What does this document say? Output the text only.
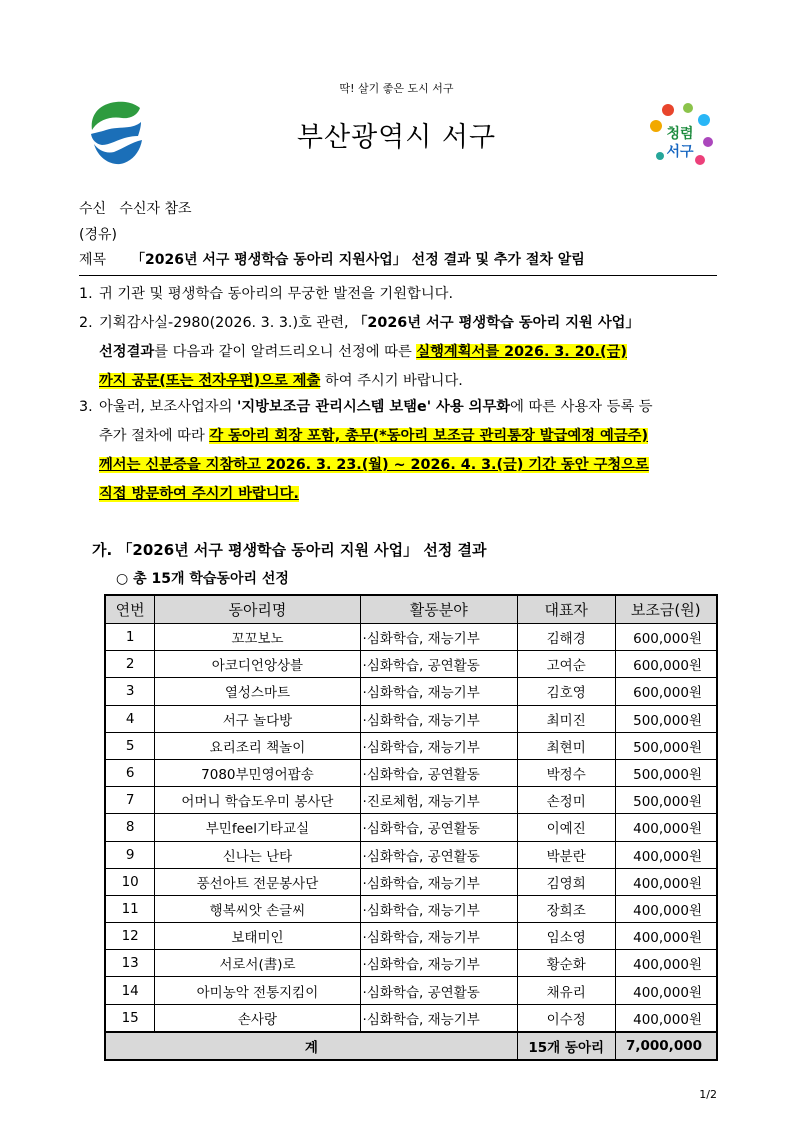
딱! 살기 좋은 도시 서구
부산광역시 서구	청렴
서구
수신 수신자 참조
(경유)
제목 「2026년 서구 평생학습 동아리 지원사업」 선정 결과 및 추가 절차 알림
1. 귀 기관 및 평생학습 동아리의 무궁한 발전을 기원합니다.
2. 기획감사실-2980(2026. 3. 3.)호 관련, 「2026년 서구 평생학습 동아리 지원 사업」
선정결과를 다음과 같이 알려드리오니 선정에 따른 실행계획서를 2026. 3. 20.(금)
까지 공문(또는 전자우편)으로 제출 하여 주시기 바랍니다.
3. 아울러, 보조사업자의 '지방보조금 관리시스템 보탬e' 사용 의무화에 따른 사용자 등록 등
추가 절차에 따라 각 동아리 회장 포함, 총무(*동아리 보조금 관리통장 발급예정 예금주)
께서는 신분증을 지참하고 2026. 3. 23.(월) ~ 2026. 4. 3.(금) 기간 동안 구청으로
직접 방문하여 주시기 바랍니다.
가. 「2026년 서구 평생학습 동아리 지원 사업」 선정 결과
○ 총 15개 학습동아리 선정
연번	동아리명	활동분야	대표자	보조금(원)
1	꼬꼬보노	·심화학습, 재능기부	김해경	600,000원
2	아코디언앙상블	·심화학습, 공연활동	고여순	600,000원
3	열성스마트	·심화학습, 재능기부	김호영	600,000원
4	서구 놀다방	·심화학습, 재능기부	최미진	500,000원
5	요리조리 책놀이	·심화학습, 재능기부	최현미	500,000원
6	7080부민영어팝송	·심화학습, 공연활동	박정수	500,000원
7	어머니 학습도우미 봉사단	·진로체험, 재능기부	손정미	500,000원
8	부민feel기타교실	·심화학습, 공연활동	이예진	400,000원
9	신나는 난타	·심화학습, 공연활동	박분란	400,000원
10	풍선아트 전문봉사단	·심화학습, 재능기부	김영희	400,000원
11	행복씨앗 손글씨	·심화학습, 재능기부	장희조	400,000원
12	보태미인	·심화학습, 재능기부	임소영	400,000원
13	서로서(書)로	·심화학습, 재능기부	황순화	400,000원
14	아미농악 전통지킴이	·심화학습, 공연활동	채유리	400,000원
15	손사랑	·심화학습, 재능기부	이수정	400,000원
계			15개 동아리	7,000,000
1/2
